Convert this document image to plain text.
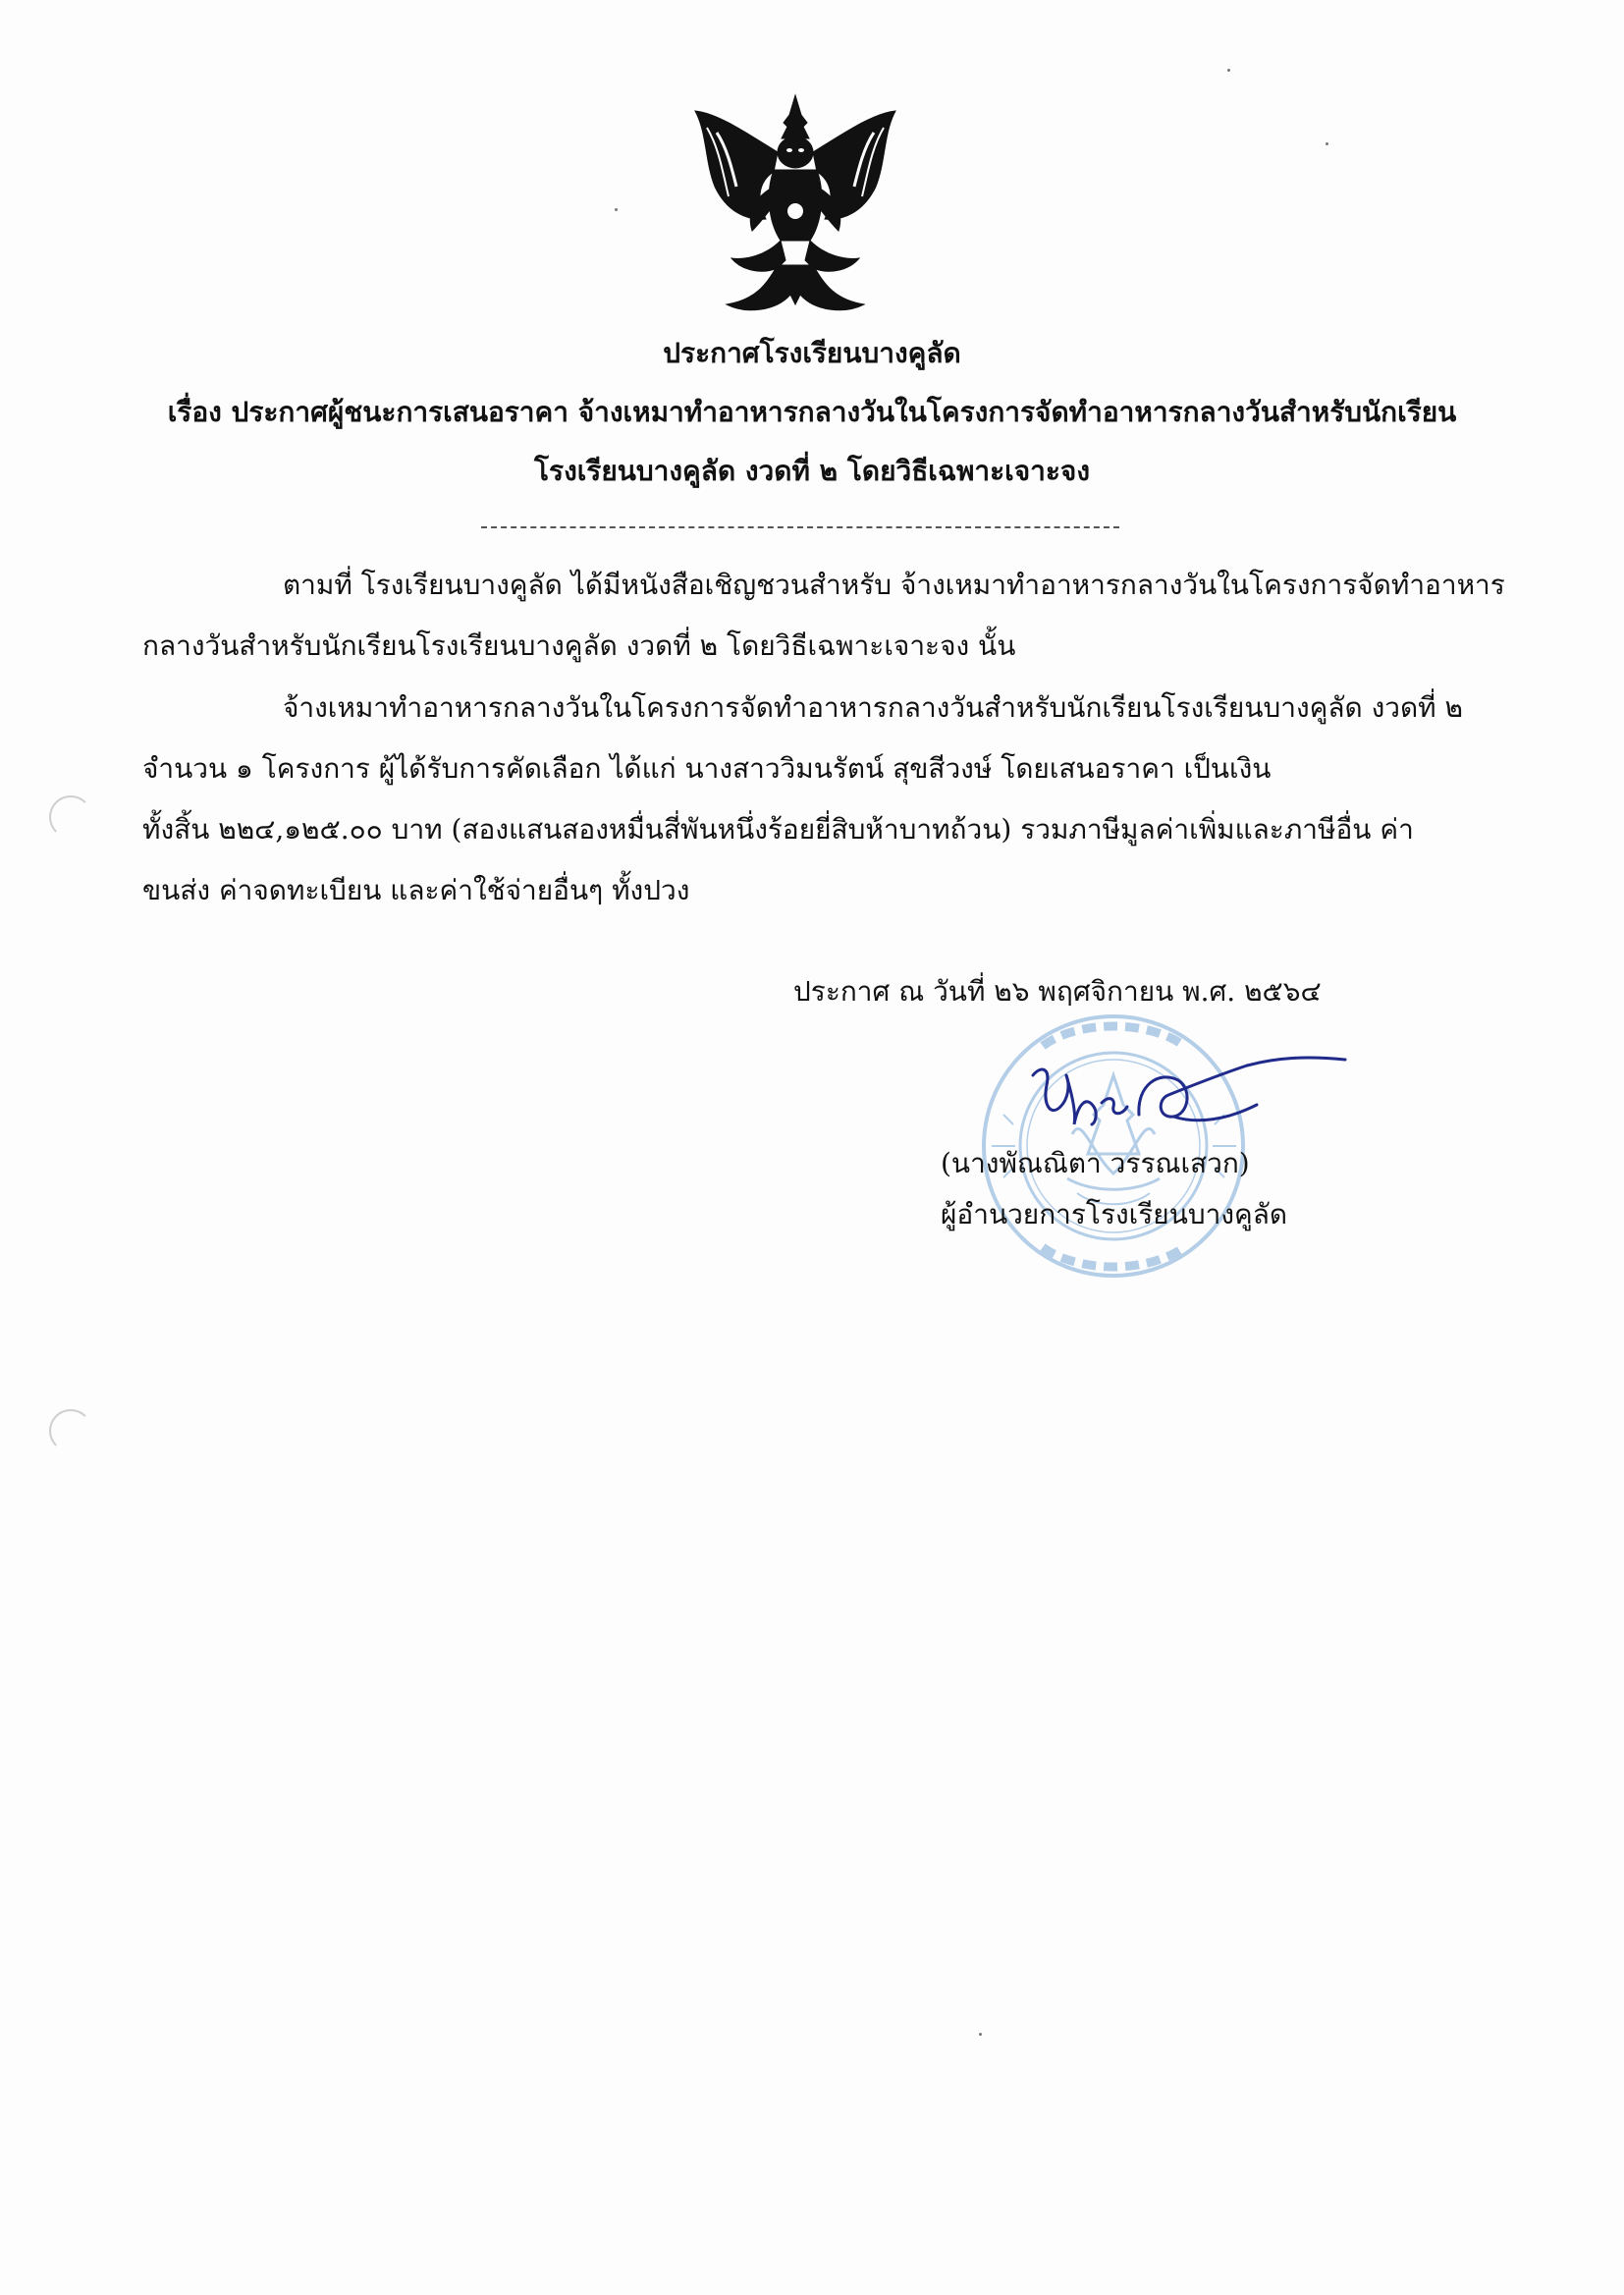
ประกาศโรงเรียนบางคูลัด
เรื่อง ประกาศผู้ชนะการเสนอราคา จ้างเหมาทำอาหารกลางวันในโครงการจัดทำอาหารกลางวันสำหรับนักเรียน
โรงเรียนบางคูลัด งวดที่ ๒ โดยวิธีเฉพาะเจาะจง
ตามที่ โรงเรียนบางคูลัด ได้มีหนังสือเชิญชวนสำหรับ จ้างเหมาทำอาหารกลางวันในโครงการจัดทำอาหาร
กลางวันสำหรับนักเรียนโรงเรียนบางคูลัด งวดที่ ๒ โดยวิธีเฉพาะเจาะจง นั้น
จ้างเหมาทำอาหารกลางวันในโครงการจัดทำอาหารกลางวันสำหรับนักเรียนโรงเรียนบางคูลัด งวดที่ ๒
จำนวน ๑ โครงการ ผู้ได้รับการคัดเลือก ได้แก่ นางสาววิมนรัตน์ สุขสีวงษ์ โดยเสนอราคา เป็นเงิน
ทั้งสิ้น ๒๒๔,๑๒๕.๐๐ บาท (สองแสนสองหมื่นสี่พันหนึ่งร้อยยี่สิบห้าบาทถ้วน) รวมภาษีมูลค่าเพิ่มและภาษีอื่น ค่า
ขนส่ง ค่าจดทะเบียน และค่าใช้จ่ายอื่นๆ ทั้งปวง
ประกาศ ณ วันที่ ๒๖ พฤศจิกายน พ.ศ. ๒๕๖๔
(นางพัณณิตา วรรณเสวก)
ผู้อำนวยการโรงเรียนบางคูลัด
